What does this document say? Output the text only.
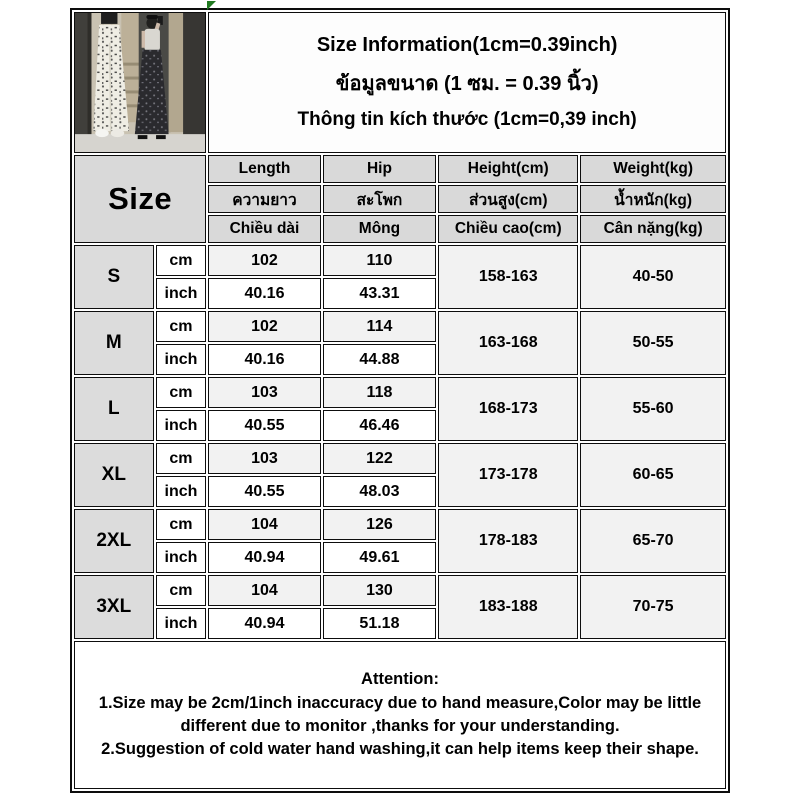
Size Information(1cm=0.39inch)
ข้อมูลขนาด (1 ซม. = 0.39 นิ้ว)
Thông tin kích thước (1cm=0,39 inch)			

Size		Length	Hip	Height(cm)	Weight(kg)
		ความยาว	สะโพก	ส่วนสูง(cm)	น้ำหนัก(kg)
		Chiều dài	Mông	Chiều cao(cm)	Cân nặng(kg)
S	cm	102	110	158-163	40-50
	inch	40.16	43.31		
M	cm	102	114	163-168	50-55
	inch	40.16	44.88		
L	cm	103	118	168-173	55-60
	inch	40.55	46.46		
XL	cm	103	122	173-178	60-65
	inch	40.55	48.03		
2XL	cm	104	126	178-183	65-70
	inch	40.94	49.61		
3XL	cm	104	130	183-188	70-75
	inch	40.94	51.18		

Attention:
1.Size may be 2cm/1inch inaccuracy due to hand measure,Color may be little different due to monitor ,thanks for your understanding.
2.Suggestion of cold water hand washing,it can help items keep their shape.					
